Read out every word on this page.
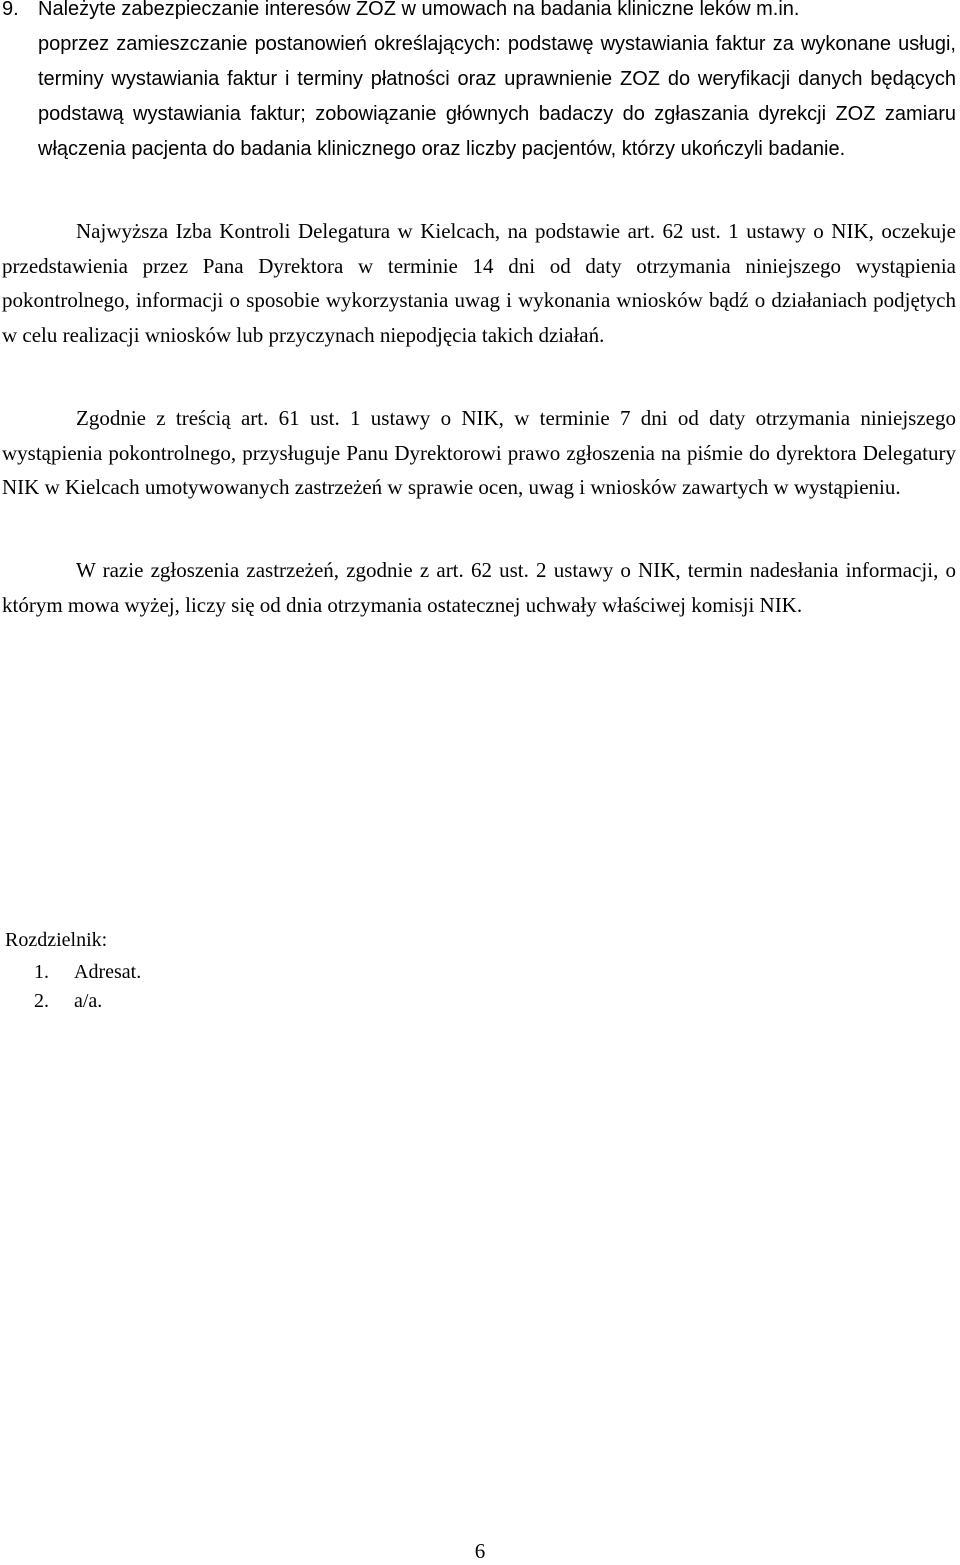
9. Należyte zabezpieczanie interesów ZOZ w umowach na badania kliniczne leków m.in.
poprzez zamieszczanie postanowień określających: podstawę wystawiania faktur za wykonane usługi, terminy wystawiania faktur i terminy płatności oraz uprawnienie ZOZ do weryfikacji danych będących podstawą wystawiania faktur; zobowiązanie głównych badaczy do zgłaszania dyrekcji ZOZ zamiaru włączenia pacjenta do badania klinicznego oraz liczby pacjentów, którzy ukończyli badanie.

Najwyższa Izba Kontroli Delegatura w Kielcach, na podstawie art. 62 ust. 1 ustawy o NIK, oczekuje przedstawienia przez Pana Dyrektora w terminie 14 dni od daty otrzymania niniejszego wystąpienia pokontrolnego, informacji o sposobie wykorzystania uwag i wykonania wniosków bądź o działaniach podjętych w celu realizacji wniosków lub przyczynach niepodjęcia takich działań.

Zgodnie z treścią art. 61 ust. 1 ustawy o NIK, w terminie 7 dni od daty otrzymania niniejszego wystąpienia pokontrolnego, przysługuje Panu Dyrektorowi prawo zgłoszenia na piśmie do dyrektora Delegatury NIK w Kielcach umotywowanych zastrzeżeń w sprawie ocen, uwag i wniosków zawartych w wystąpieniu.

W razie zgłoszenia zastrzeżeń, zgodnie z art. 62 ust. 2 ustawy o NIK, termin nadesłania informacji, o którym mowa wyżej, liczy się od dnia otrzymania ostatecznej uchwały właściwej komisji NIK.

Rozdzielnik:
1.	Adresat.
2.	a/a.
6
